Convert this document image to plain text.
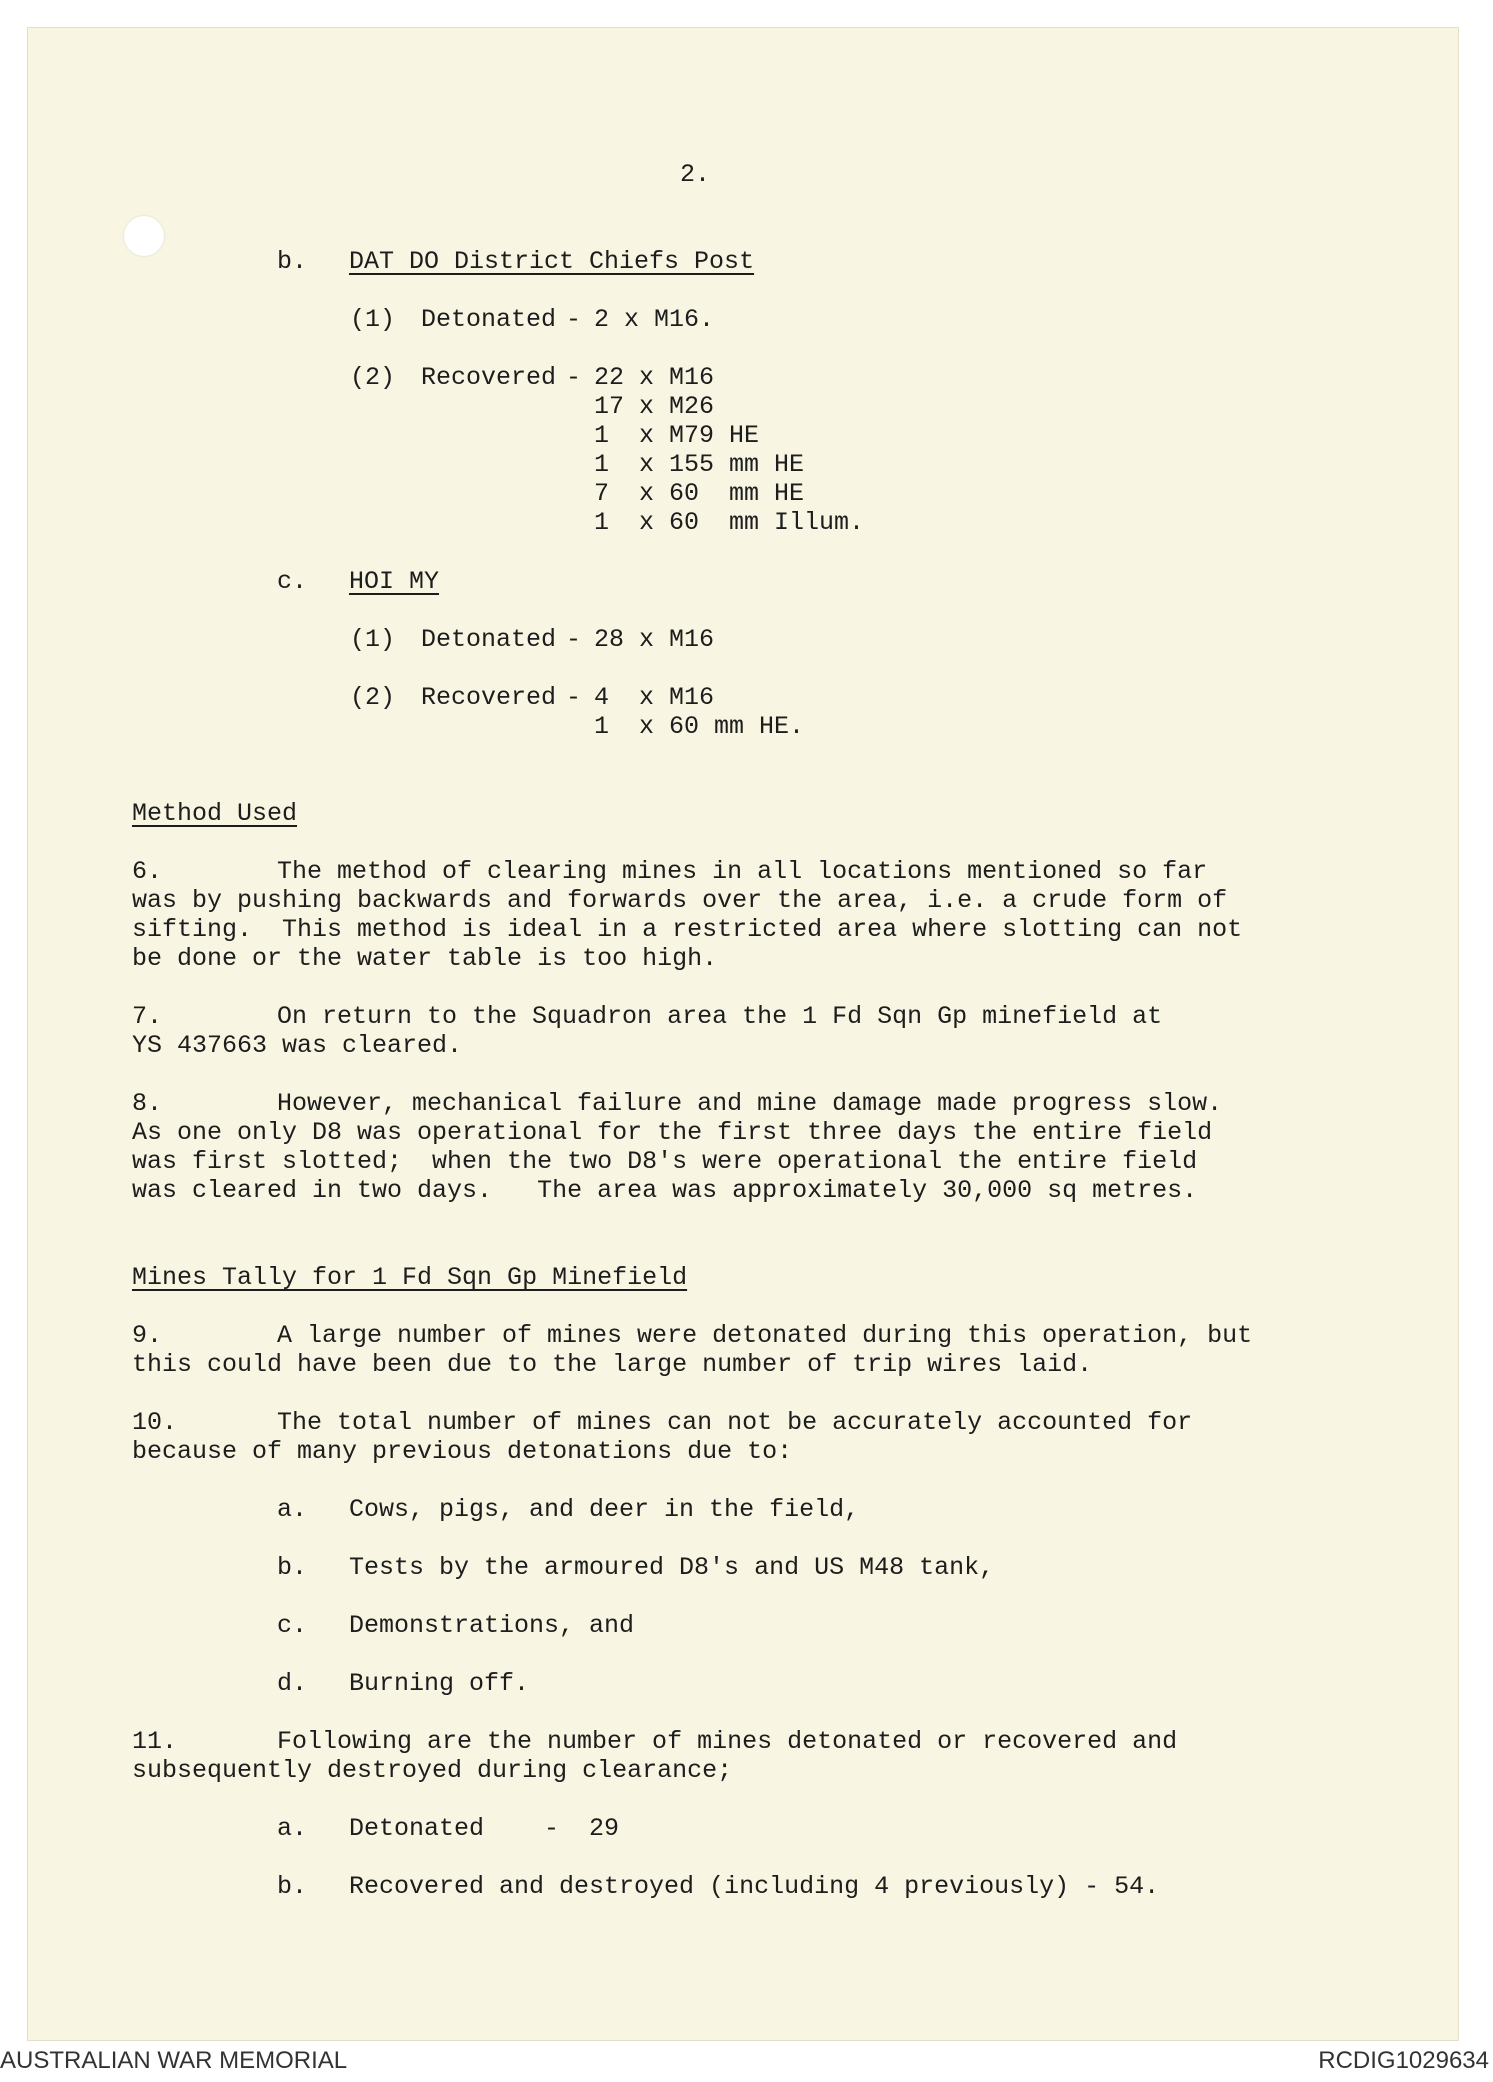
2.
b. DAT DO District Chiefs Post
(1) Detonated - 2 x M16.
(2) Recovered - 22 x M16
17 x M26
1  x M79 HE
1  x 155 mm HE
7  x 60  mm HE
1  x 60  mm Illum.
c. HOI MY
(1) Detonated - 28 x M16
(2) Recovered - 4  x M16
1  x 60 mm HE.
Method Used
6.	The method of clearing mines in all locations mentioned so far
was by pushing backwards and forwards over the area, i.e. a crude form of
sifting.  This method is ideal in a restricted area where slotting can not
be done or the water table is too high.
7.	On return to the Squadron area the 1 Fd Sqn Gp minefield at
YS 437663 was cleared.
8.	However, mechanical failure and mine damage made progress slow.
As one only D8 was operational for the first three days the entire field
was first slotted;  when the two D8's were operational the entire field
was cleared in two days.   The area was approximately 30,000 sq metres.
Mines Tally for 1 Fd Sqn Gp Minefield
9.	A large number of mines were detonated during this operation, but
this could have been due to the large number of trip wires laid.
10.	The total number of mines can not be accurately accounted for
because of many previous detonations due to:
a. Cows, pigs, and deer in the field,
b. Tests by the armoured D8's and US M48 tank,
c. Demonstrations, and
d. Burning off.
11.	Following are the number of mines detonated or recovered and
subsequently destroyed during clearance;
a. Detonated    -  29
b. Recovered and destroyed (including 4 previously) - 54.
AUSTRALIAN WAR MEMORIAL	RCDIG1029634
